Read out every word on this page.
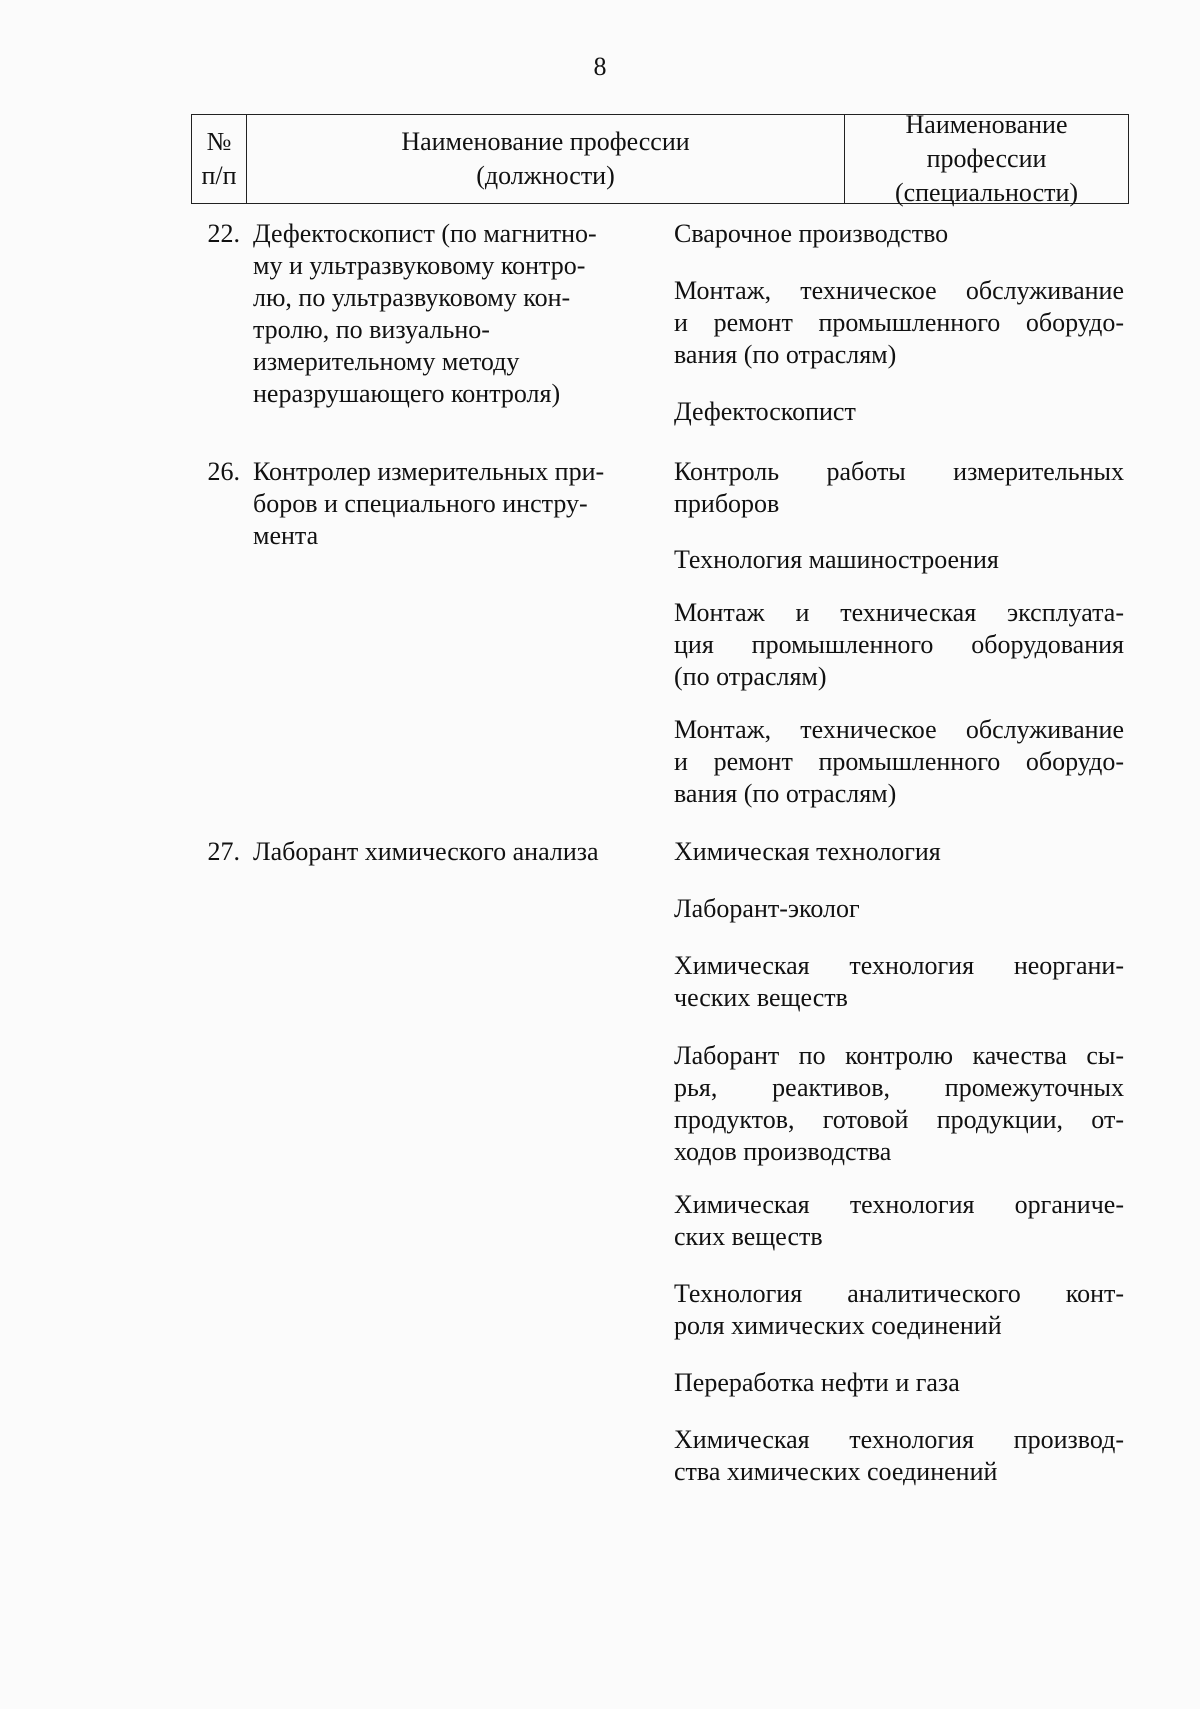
8
№
п/п
Наименование профессии
(должности)
Наименование профессии
(специальности)
22. Дефектоскопист (по магнитно-
му и ультразвуковому контро-
лю, по ультразвуковому кон-
тролю, по визуально-
измерительному методу
неразрушающего контроля)
Сварочное производство
Монтаж, техническое обслуживание
и ремонт промышленного оборудо-
вания (по отраслям)
Дефектоскопист
26. Контролер измерительных при-
боров и специального инстру-
мента
Контроль работы измерительных
приборов
Технология машиностроения
Монтаж и техническая эксплуата-
ция промышленного оборудования
(по отраслям)
Монтаж, техническое обслуживание
и ремонт промышленного оборудо-
вания (по отраслям)
27. Лаборант химического анализа	Химическая технология
Лаборант-эколог
Химическая технология неоргани-
ческих веществ
Лаборант по контролю качества сы-
рья, реактивов, промежуточных
продуктов, готовой продукции, от-
ходов производства
Химическая технология органиче-
ских веществ
Технология аналитического конт-
роля химических соединений
Переработка нефти и газа
Химическая технология производ-
ства химических соединений
